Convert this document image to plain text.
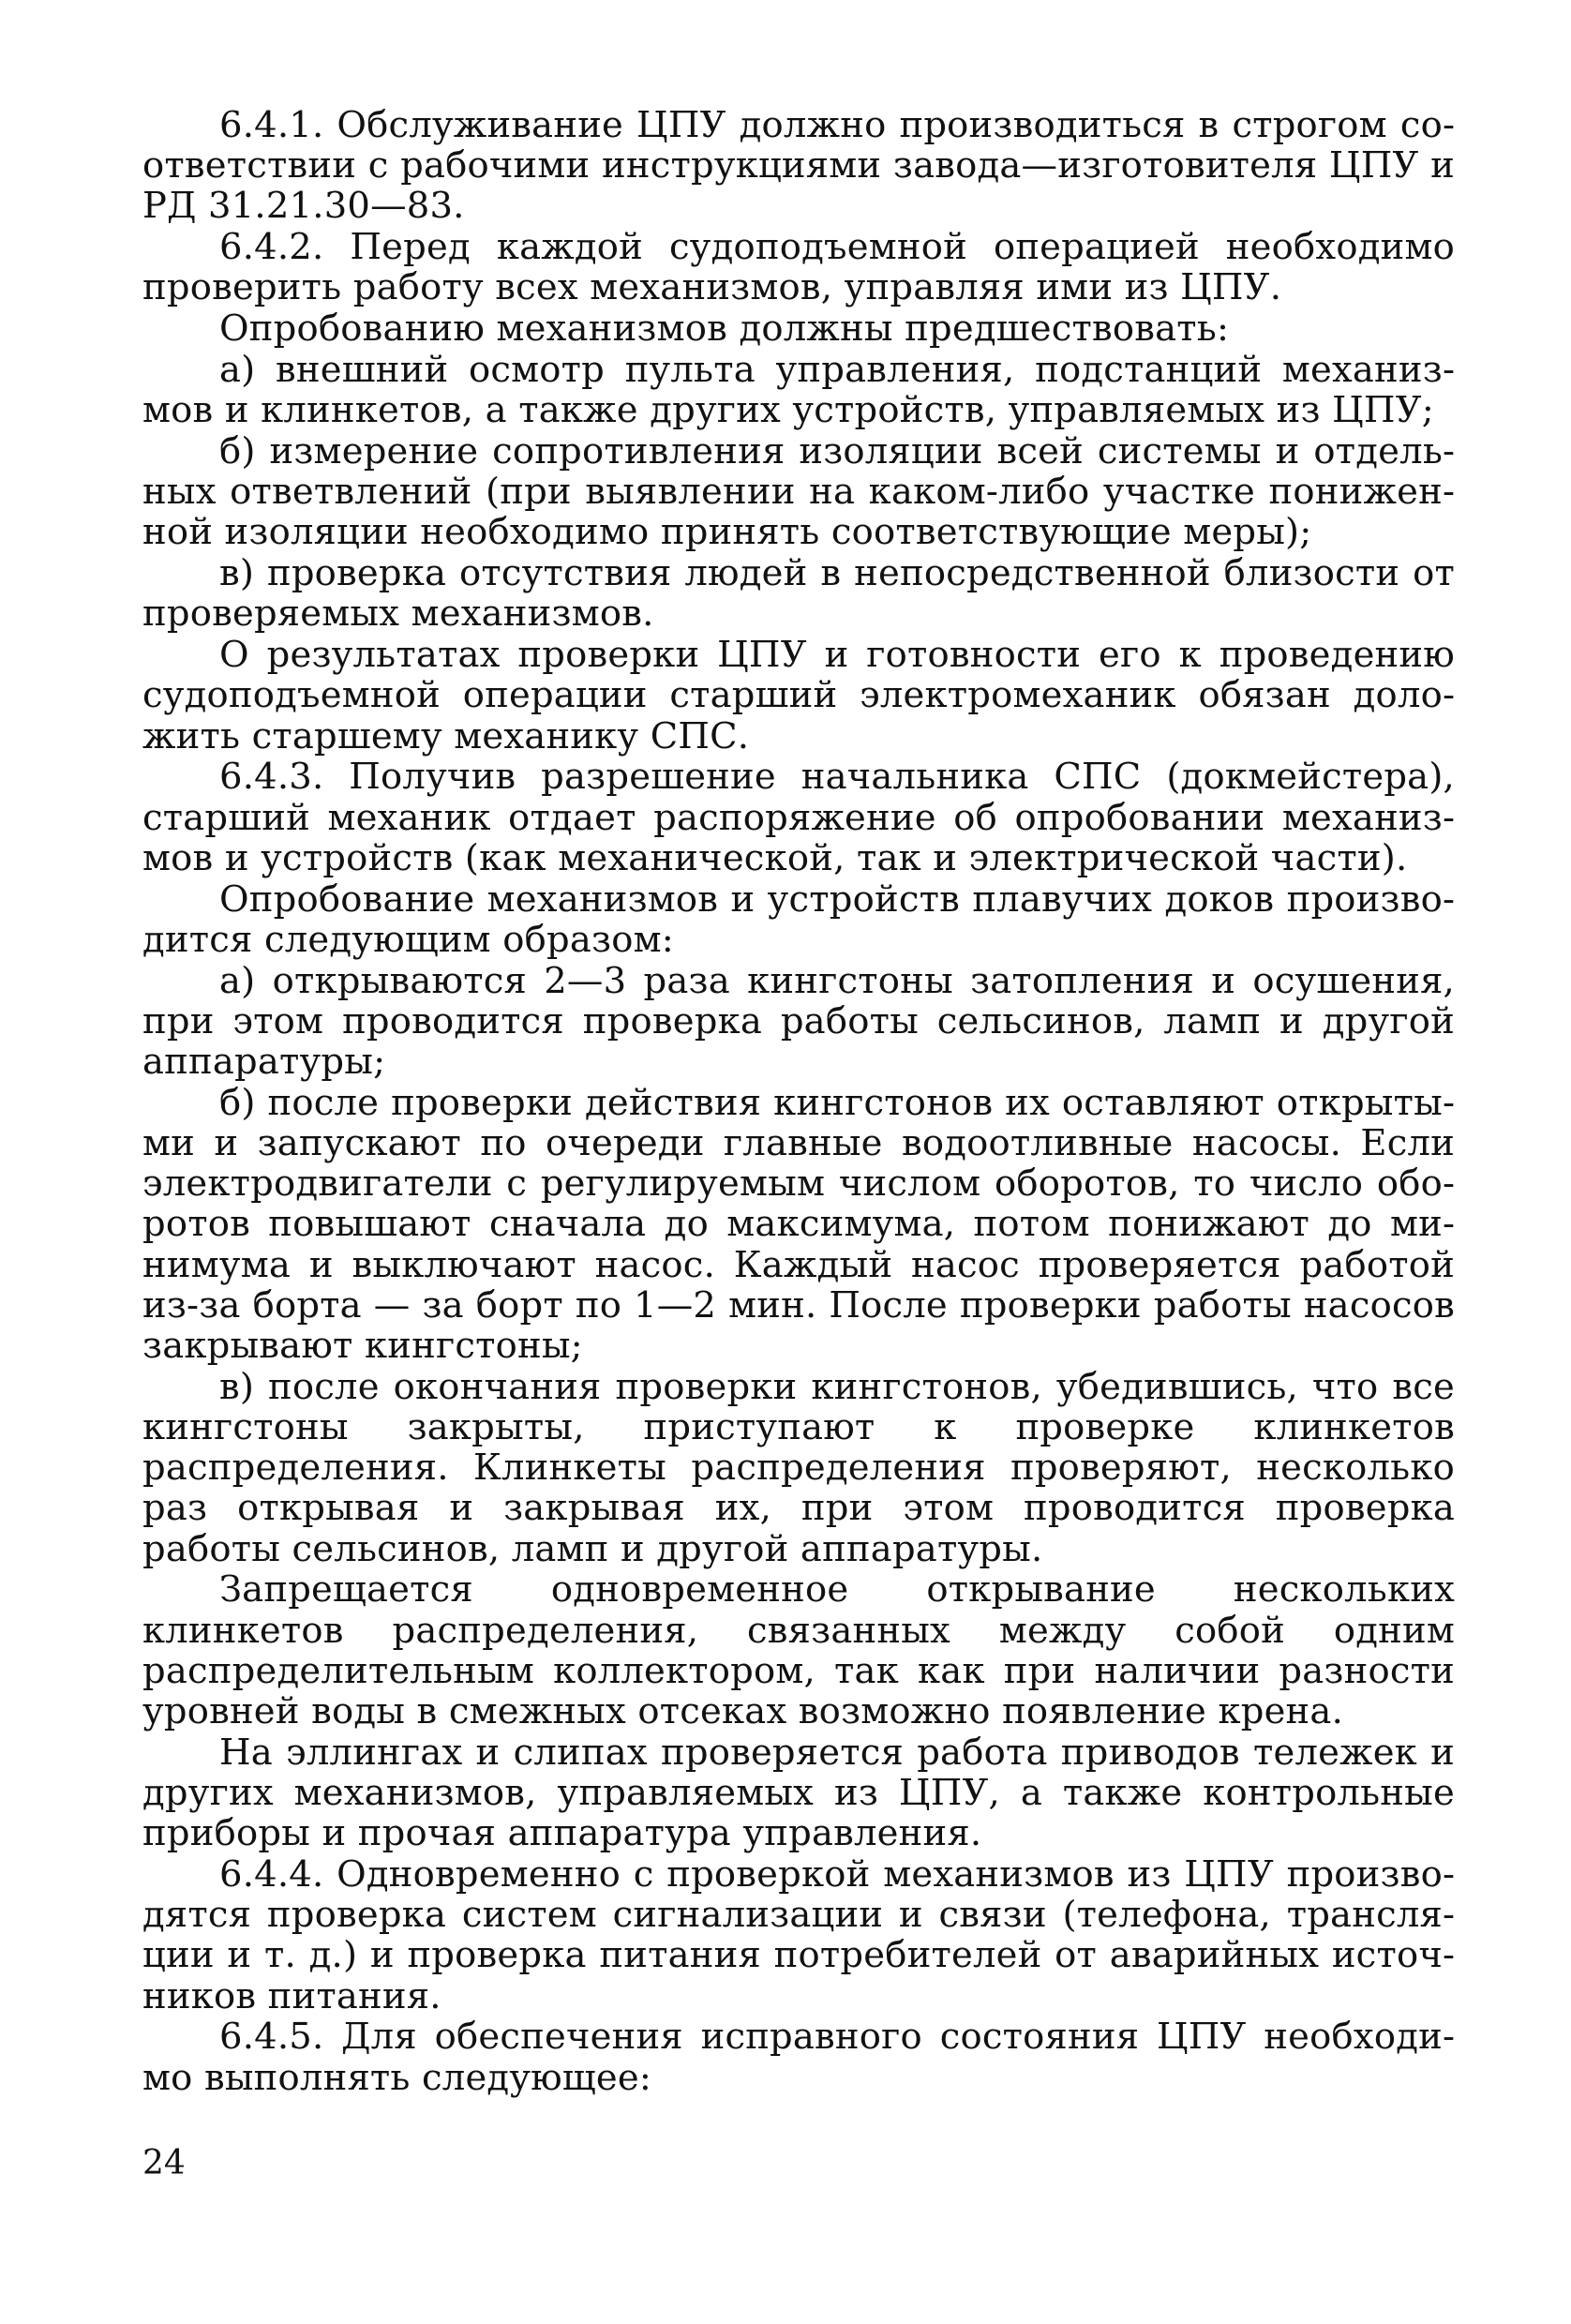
6.4.1. Обслуживание ЦПУ должно производиться в строгом соответствии с рабочими инструкциями завода—изготовителя ЦПУ и РД 31.21.30—83.

6.4.2. Перед каждой судоподъемной операцией необходимо проверить работу всех механизмов, управляя ими из ЦПУ.

Опробованию механизмов должны предшествовать:

а) внешний осмотр пульта управления, подстанций механизмов и клинкетов, а также других устройств, управляемых из ЦПУ;

б) измерение сопротивления изоляции всей системы и отдельных ответвлений (при выявлении на каком-либо участке пониженной изоляции необходимо принять соответствующие меры);

в) проверка отсутствия людей в непосредственной близости от проверяемых механизмов.

О результатах проверки ЦПУ и готовности его к проведению судоподъемной операции старший электромеханик обязан доложить старшему механику СПС.

6.4.3. Получив разрешение начальника СПС (докмейстера), старший механик отдает распоряжение об опробовании механизмов и устройств (как механической, так и электрической части).

Опробование механизмов и устройств плавучих доков производится следующим образом:

а) открываются 2—3 раза кингстоны затопления и осушения, при этом проводится проверка работы сельсинов, ламп и другой аппаратуры;

б) после проверки действия кингстонов их оставляют открытыми и запускают по очереди главные водоотливные насосы. Если электродвигатели с регулируемым числом оборотов, то число оборотов повышают сначала до максимума, потом понижают до минимума и выключают насос. Каждый насос проверяется работой из-за борта — за борт по 1—2 мин. После проверки работы насосов закрывают кингстоны;

в) после окончания проверки кингстонов, убедившись, что все кингстоны закрыты, приступают к проверке клинкетов распределения. Клинкеты распределения проверяют, несколько раз открывая и закрывая их, при этом проводится проверка работы сельсинов, ламп и другой аппаратуры.

Запрещается одновременное открывание нескольких клинкетов распределения, связанных между собой одним распределительным коллектором, так как при наличии разности уровней воды в смежных отсеках возможно появление крена.

На эллингах и слипах проверяется работа приводов тележек и других механизмов, управляемых из ЦПУ, а также контрольные приборы и прочая аппаратура управления.

6.4.4. Одновременно с проверкой механизмов из ЦПУ производятся проверка систем сигнализации и связи (телефона, трансляции и т. д.) и проверка питания потребителей от аварийных источников питания.

6.4.5. Для обеспечения исправного состояния ЦПУ необходимо выполнять следующее:

24
